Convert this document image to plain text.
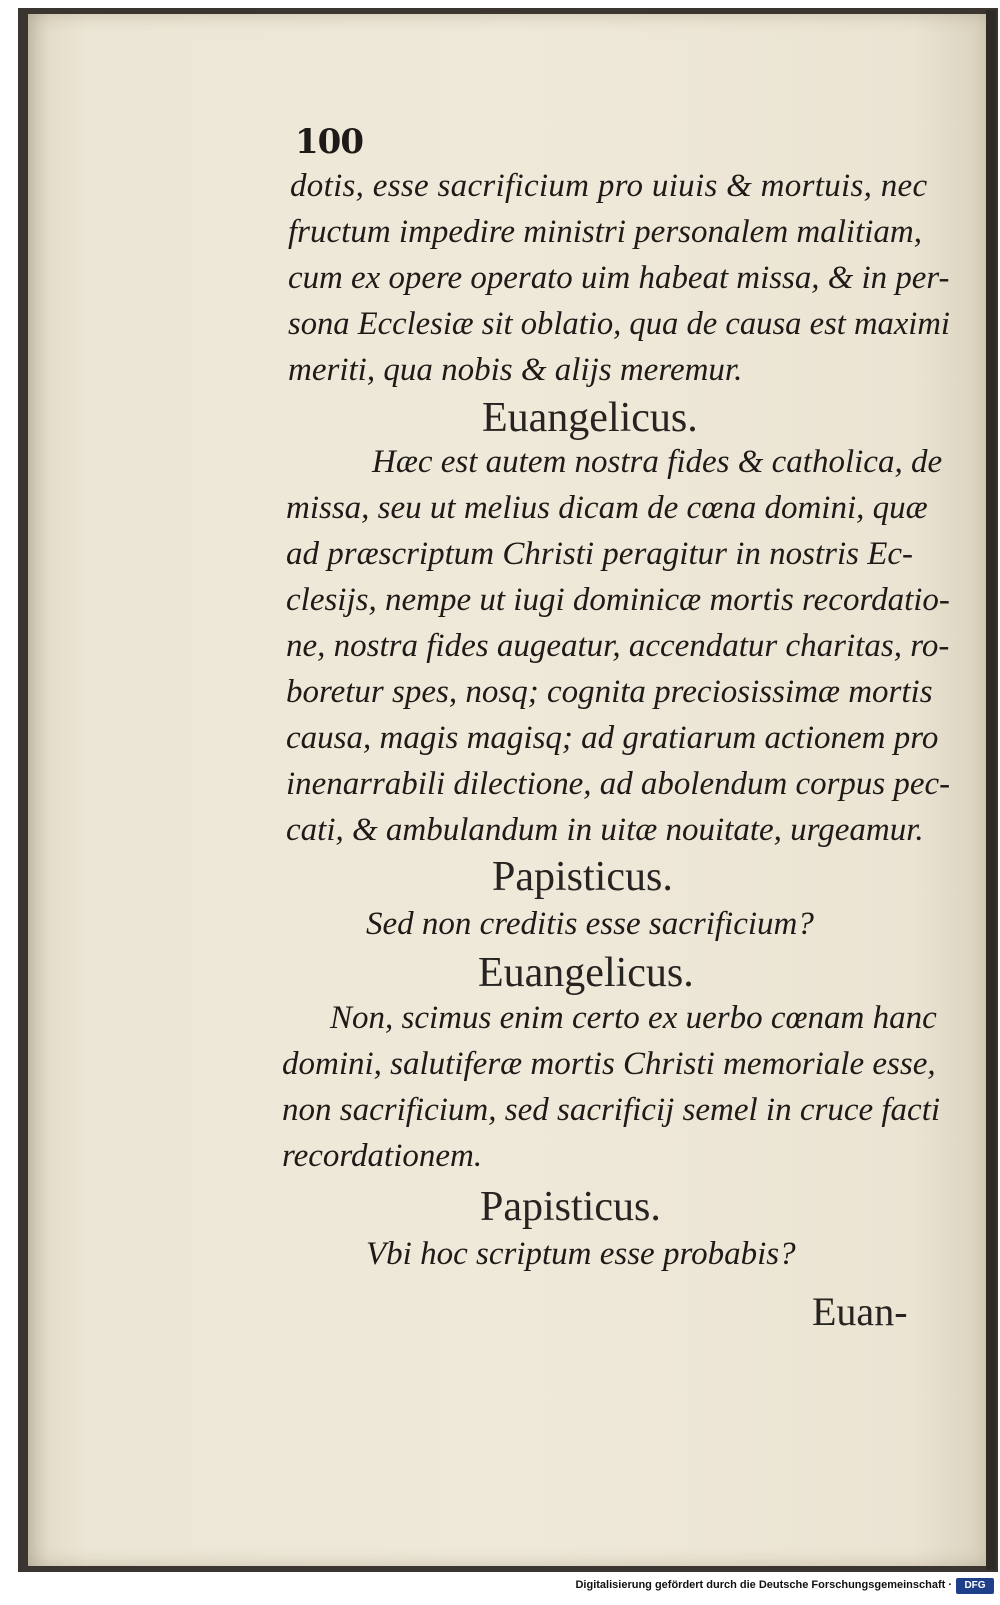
100
dotis, esse sacrificium pro uiuis & mortuis, nec
fructum impedire ministri personalem malitiam,
cum ex opere operato uim habeat missa, & in per-
sona Ecclesiæ sit oblatio, qua de causa est maximi
meriti, qua nobis & alijs meremur.
Euangelicus.
Hæc est autem nostra fides & catholica, de
missa, seu ut melius dicam de cœna domini, quæ
ad præscriptum Christi peragitur in nostris Ec-
clesijs, nempe ut iugi dominicæ mortis recordatio-
ne, nostra fides augeatur, accendatur charitas, ro-
boretur spes, nosq; cognita preciosissimæ mortis
causa, magis magisq; ad gratiarum actionem pro
inenarrabili dilectione, ad abolendum corpus pec-
cati, & ambulandum in uitæ nouitate, urgeamur.
Papisticus.
Sed non creditis esse sacrificium?
Euangelicus.
Non, scimus enim certo ex uerbo cœnam hanc
domini, salutiferæ mortis Christi memoriale esse,
non sacrificium, sed sacrificij semel in cruce facti
recordationem.
Papisticus.
Vbi hoc scriptum esse probabis?
Euan-
Digitalisierung gefördert durch die Deutsche Forschungsgemeinschaft ·	DFG
